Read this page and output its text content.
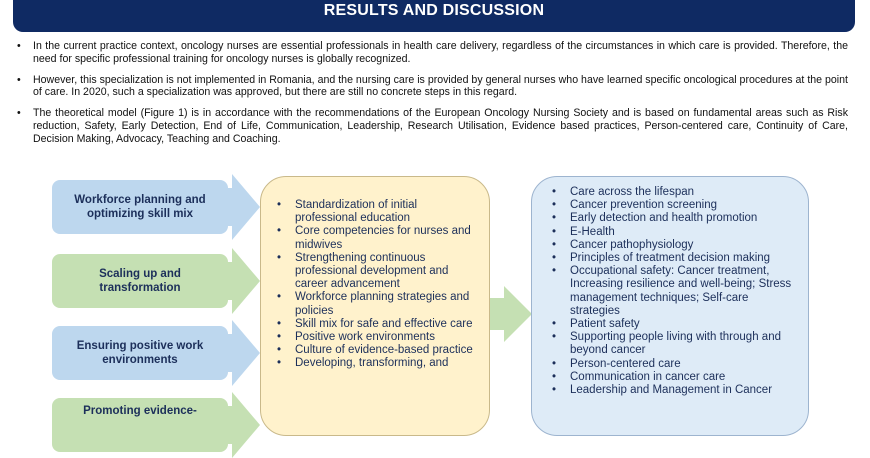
RESULTS AND DISCUSSION
• In the current practice context, oncology nurses are essential professionals in health care delivery, regardless of the circumstances in which care is provided. Therefore, the need for specific professional training for oncology nurses is globally recognized.
• However, this specialization is not implemented in Romania, and the nursing care is provided by general nurses who have learned specific oncological procedures at the point of care. In 2020, such a specialization was approved, but there are still no concrete steps in this regard.
• The theoretical model (Figure 1) is in accordance with the recommendations of the European Oncology Nursing Society and is based on fundamental areas such as Risk reduction, Safety, Early Detection, End of Life, Communication, Leadership, Research Utilisation, Evidence based practices, Person-centered care, Continuity of Care, Decision Making, Advocacy, Teaching and Coaching.
Workforce planning and optimizing skill mix
Scaling up and transformation
Ensuring positive work environments
Promoting evidence-
• Standardization of initial professional education
• Core competencies for nurses and midwives
• Strengthening continuous professional development and career advancement
• Workforce planning strategies and policies
• Skill mix for safe and effective care
• Positive work environments
• Culture of evidence-based practice
• Developing, transforming, and
• Care across the lifespan
• Cancer prevention screening
• Early detection and health promotion
• E-Health
• Cancer pathophysiology
• Principles of treatment decision making
• Occupational safety: Cancer treatment, Increasing resilience and well-being; Stress management techniques; Self-care strategies
• Patient safety
• Supporting people living with through and beyond cancer
• Person-centered care
• Communication in cancer care
• Leadership and Management in Cancer
